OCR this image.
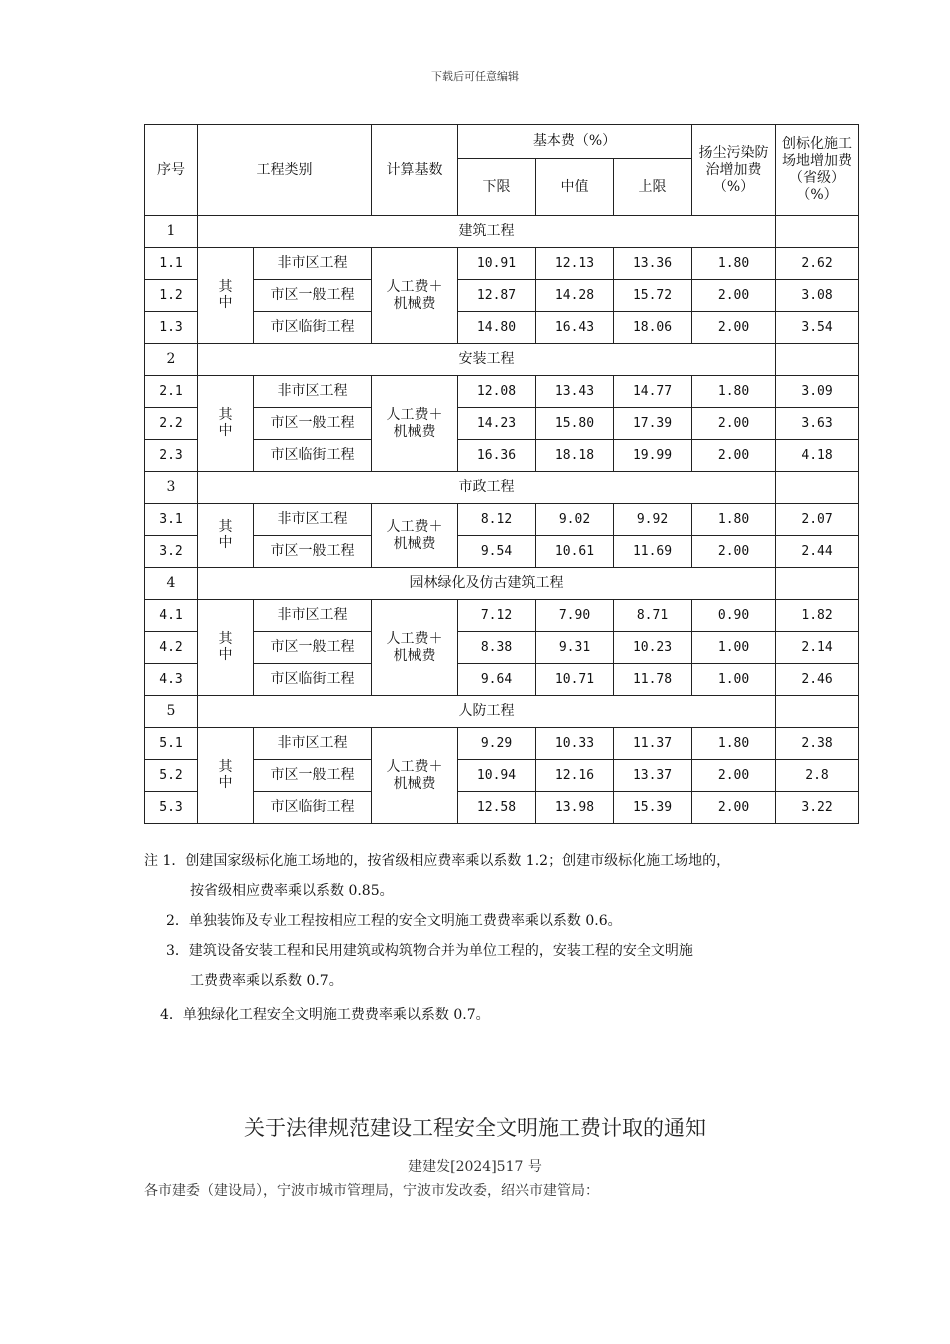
下载后可任意编辑
序号	工程类别		计算基数	基本费（%）			扬尘污染防治增加费（%）	创标化施工场地增加费（省级）（%）
				下限	中值	上限		
1	建筑工程							
1.1	其中	非市区工程	人工费＋机械费	10.91	12.13	13.36	1.80	2.62
1.2		市区一般工程		12.87	14.28	15.72	2.00	3.08
1.3		市区临街工程		14.80	16.43	18.06	2.00	3.54
2	安装工程							
2.1	其中	非市区工程	人工费＋机械费	12.08	13.43	14.77	1.80	3.09
2.2		市区一般工程		14.23	15.80	17.39	2.00	3.63
2.3		市区临街工程		16.36	18.18	19.99	2.00	4.18
3	市政工程							
3.1	其中	非市区工程	人工费＋机械费	8.12	9.02	9.92	1.80	2.07
3.2		市区一般工程		9.54	10.61	11.69	2.00	2.44
4	园林绿化及仿古建筑工程							
4.1	其中	非市区工程	人工费＋机械费	7.12	7.90	8.71	0.90	1.82
4.2		市区一般工程		8.38	9.31	10.23	1.00	2.14
4.3		市区临街工程		9.64	10.71	11.78	1.00	2.46
5	人防工程							
5.1	其中	非市区工程	人工费＋机械费	9.29	10.33	11.37	1.80	2.38
5.2		市区一般工程		10.94	12.16	13.37	2.00	2.8
5.3		市区临街工程		12.58	13.98	15.39	2.00	3.22
注 1．创建国家级标化施工场地的，按省级相应费率乘以系数 1.2；创建市级标化施工场地的，
按省级相应费率乘以系数 0.85。
2．单独装饰及专业工程按相应工程的安全文明施工费费率乘以系数 0.6。
3．建筑设备安装工程和民用建筑或构筑物合并为单位工程的，安装工程的安全文明施
工费费率乘以系数 0.7。
4．单独绿化工程安全文明施工费费率乘以系数 0.7。
关于法律规范建设工程安全文明施工费计取的通知
建建发[2024]517 号
各市建委（建设局），宁波市城市管理局，宁波市发改委，绍兴市建管局：
